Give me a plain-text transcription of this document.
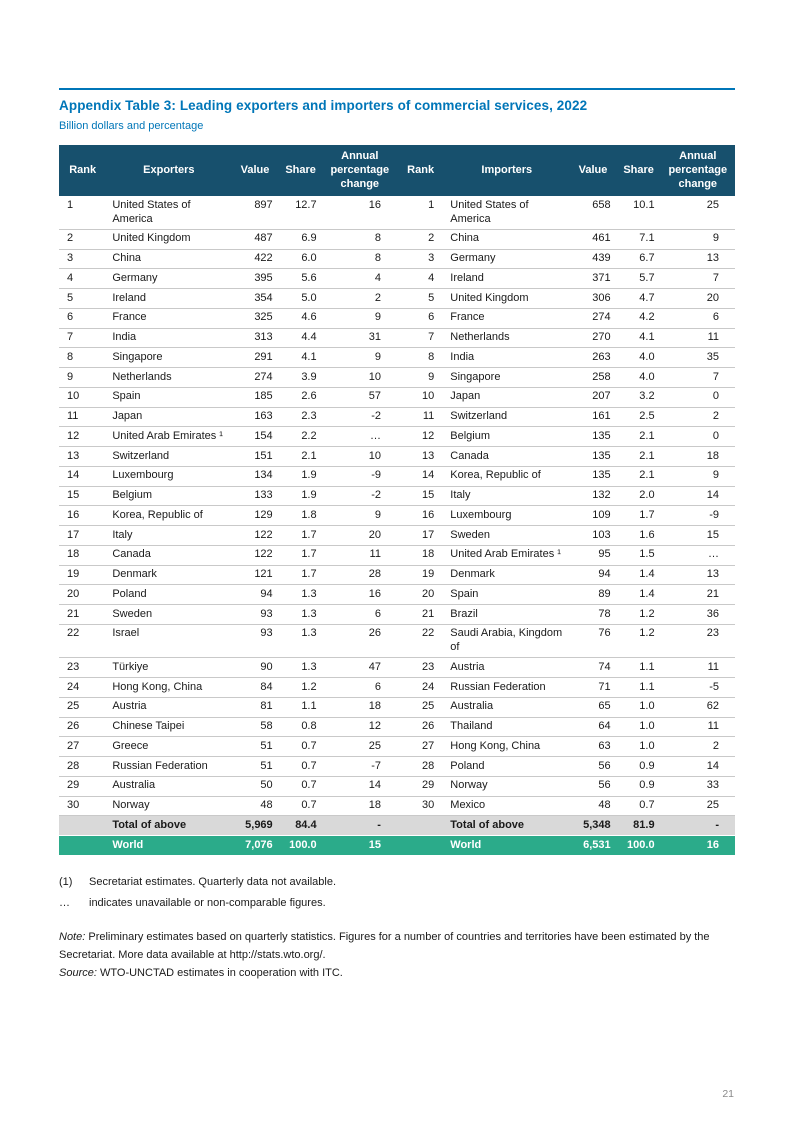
Appendix Table 3: Leading exporters and importers of commercial services, 2022
Billion dollars and percentage
Rank	Exporters	Value	Share	Annual percentage change	Rank	Importers	Value	Share	Annual percentage change
1	United States of America	897	12.7	16	1	United States of America	658	10.1	25
2	United Kingdom	487	6.9	8	2	China	461	7.1	9
3	China	422	6.0	8	3	Germany	439	6.7	13
4	Germany	395	5.6	4	4	Ireland	371	5.7	7
5	Ireland	354	5.0	2	5	United Kingdom	306	4.7	20
6	France	325	4.6	9	6	France	274	4.2	6
7	India	313	4.4	31	7	Netherlands	270	4.1	11
8	Singapore	291	4.1	9	8	India	263	4.0	35
9	Netherlands	274	3.9	10	9	Singapore	258	4.0	7
10	Spain	185	2.6	57	10	Japan	207	3.2	0
11	Japan	163	2.3	-2	11	Switzerland	161	2.5	2
12	United Arab Emirates ¹	154	2.2	…	12	Belgium	135	2.1	0
13	Switzerland	151	2.1	10	13	Canada	135	2.1	18
14	Luxembourg	134	1.9	-9	14	Korea, Republic of	135	2.1	9
15	Belgium	133	1.9	-2	15	Italy	132	2.0	14
16	Korea, Republic of	129	1.8	9	16	Luxembourg	109	1.7	-9
17	Italy	122	1.7	20	17	Sweden	103	1.6	15
18	Canada	122	1.7	11	18	United Arab Emirates ¹	95	1.5	…
19	Denmark	121	1.7	28	19	Denmark	94	1.4	13
20	Poland	94	1.3	16	20	Spain	89	1.4	21
21	Sweden	93	1.3	6	21	Brazil	78	1.2	36
22	Israel	93	1.3	26	22	Saudi Arabia, Kingdom of	76	1.2	23
23	Türkiye	90	1.3	47	23	Austria	74	1.1	11
24	Hong Kong, China	84	1.2	6	24	Russian Federation	71	1.1	-5
25	Austria	81	1.1	18	25	Australia	65	1.0	62
26	Chinese Taipei	58	0.8	12	26	Thailand	64	1.0	11
27	Greece	51	0.7	25	27	Hong Kong, China	63	1.0	2
28	Russian Federation	51	0.7	-7	28	Poland	56	0.9	14
29	Australia	50	0.7	14	29	Norway	56	0.9	33
30	Norway	48	0.7	18	30	Mexico	48	0.7	25
	Total of above	5,969	84.4	-		Total of above	5,348	81.9	-
	World	7,076	100.0	15		World	6,531	100.0	16
(1)	Secretariat estimates. Quarterly data not available.
…	indicates unavailable or non-comparable figures.

Note: Preliminary estimates based on quarterly statistics. Figures for a number of countries and territories have been estimated by the Secretariat. More data available at http://stats.wto.org/.

Source: WTO-UNCTAD estimates in cooperation with ITC.

21
